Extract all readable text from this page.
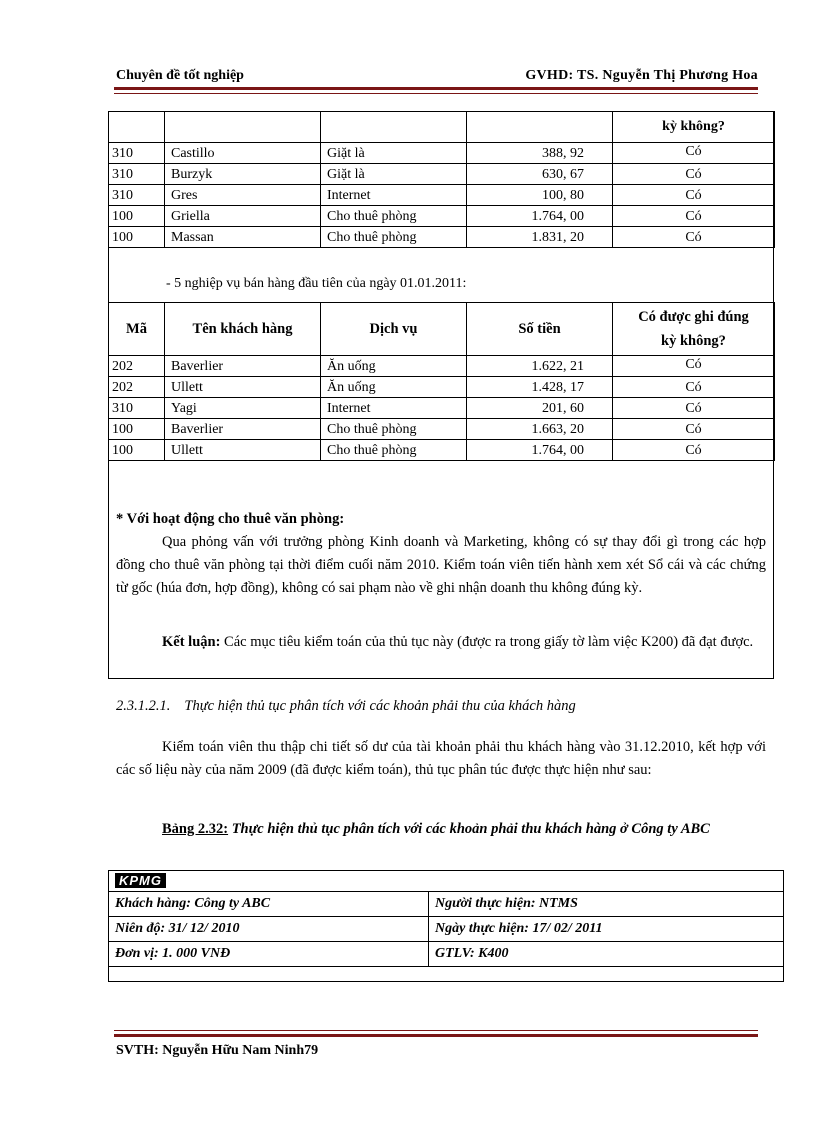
Chuyên đề tốt nghiệp	GVHD: TS. Nguyễn Thị Phương Hoa
				kỳ không?
310	Castillo	Giặt là	388, 92	Có
310	Burzyk	Giặt là	630, 67	Có
310	Gres	Internet	100, 80	Có
100	Griella	Cho thuê phòng	1.764, 00	Có
100	Massan	Cho thuê phòng	1.831, 20	Có
- 5 nghiệp vụ bán hàng đầu tiên của ngày 01.01.2011:
Mã	Tên khách hàng	Dịch vụ	Số tiền	Có được ghi đúng
kỳ không?

202	Baverlier	Ăn uống	1.622, 21	Có
202	Ullett	Ăn uống	1.428, 17	Có
310	Yagi	Internet	201, 60	Có
100	Baverlier	Cho thuê phòng	1.663, 20	Có
100	Ullett	Cho thuê phòng	1.764, 00	Có
* Với hoạt động cho thuê văn phòng:
Qua phỏng vấn với trưởng phòng Kinh doanh và Marketing, không có sự thay đổi gì trong các hợp đồng cho thuê văn phòng tại thời điểm cuối năm 2010. Kiểm toán viên tiến hành xem xét Sổ cái và các chứng từ gốc (húa đơn, hợp đồng), không có sai phạm nào về ghi nhận doanh thu không đúng kỳ.
Kết luận: Các mục tiêu kiểm toán của thủ tục này (được ra trong giấy tờ làm việc K200) đã đạt được.
2.3.1.2.1. Thực hiện thủ tục phân tích với các khoản phải thu của khách hàng
Kiểm toán viên thu thập chi tiết số dư của tài khoản phải thu khách hàng vào 31.12.2010, kết hợp với các số liệu này của năm 2009 (đã được kiểm toán), thủ tục phân túc được thực hiện như sau:
Bảng 2.32: Thực hiện thủ tục phân tích với các khoản phải thu khách hàng ở Công ty ABC
KPMG	
Khách hàng: Công ty ABC	Người thực hiện: NTMS
Niên độ: 31/ 12/ 2010	Ngày thực hiện: 17/ 02/ 2011
Đơn vị: 1. 000 VNĐ	GTLV: K400

SVTH: Nguyễn Hữu Nam Ninh79
